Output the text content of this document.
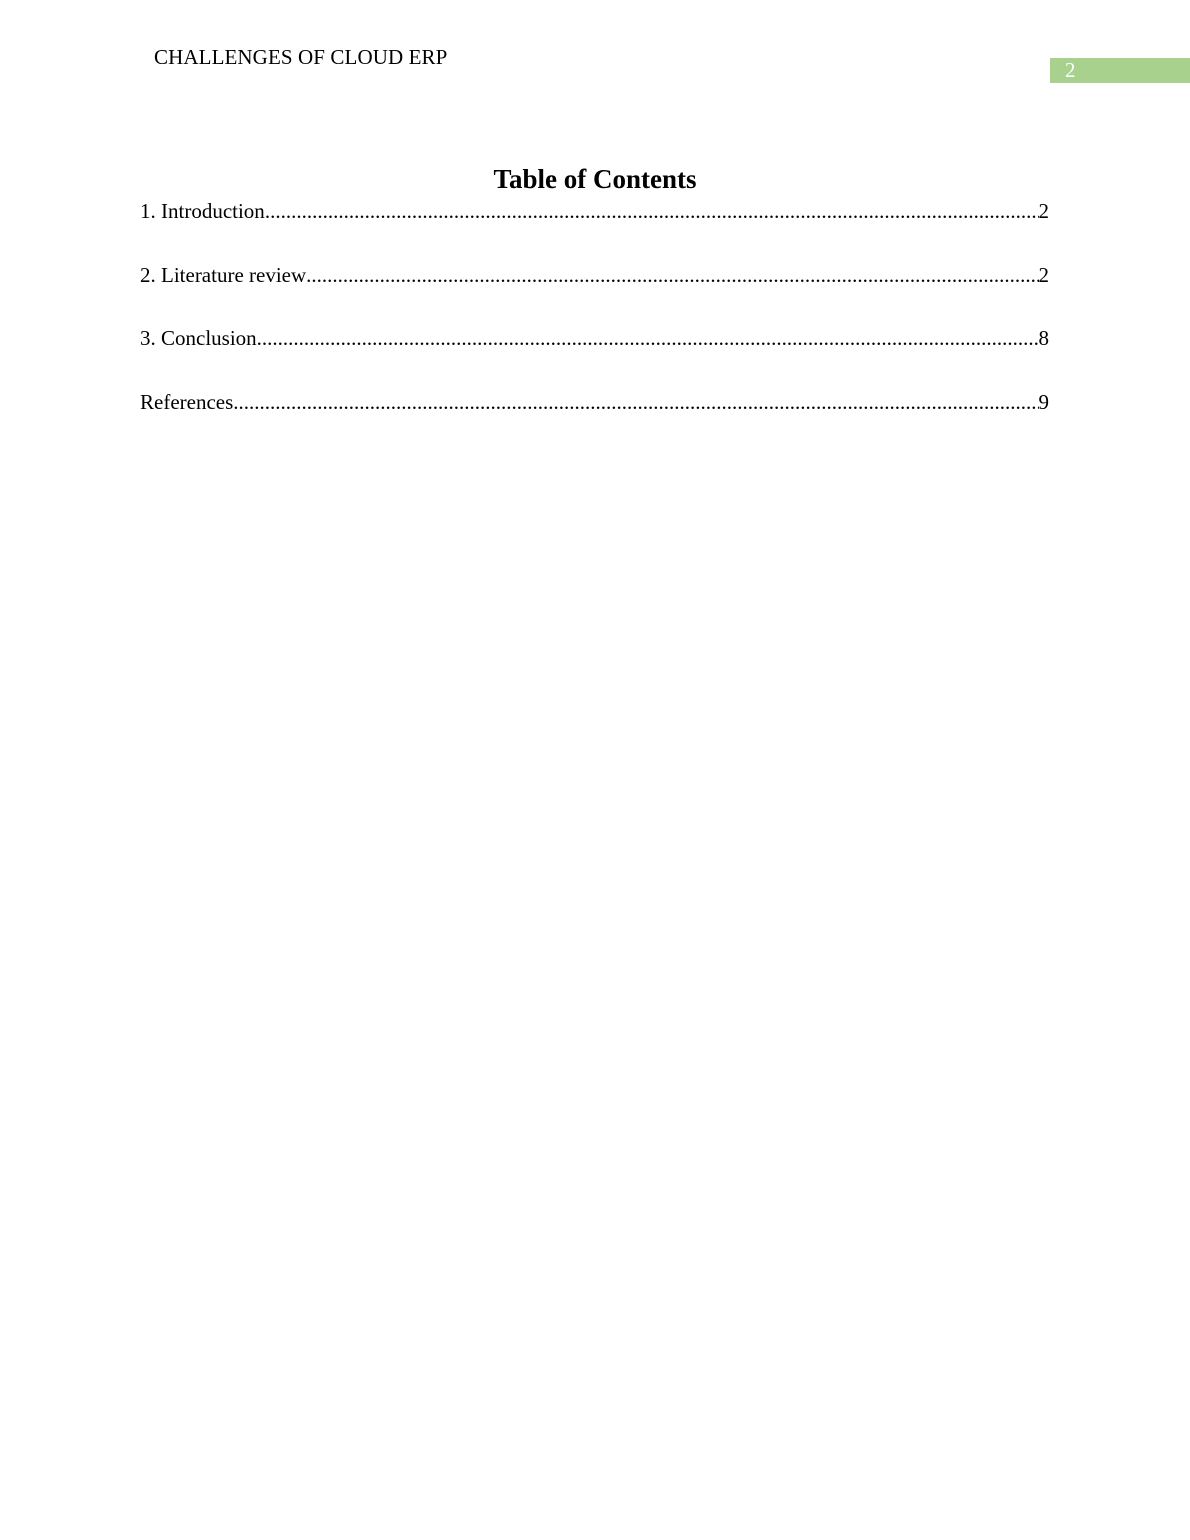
CHALLENGES OF CLOUD ERP
2
Table of Contents
1. Introduction .....	2
2. Literature review .....	2
3. Conclusion .....	8
References .....	9
